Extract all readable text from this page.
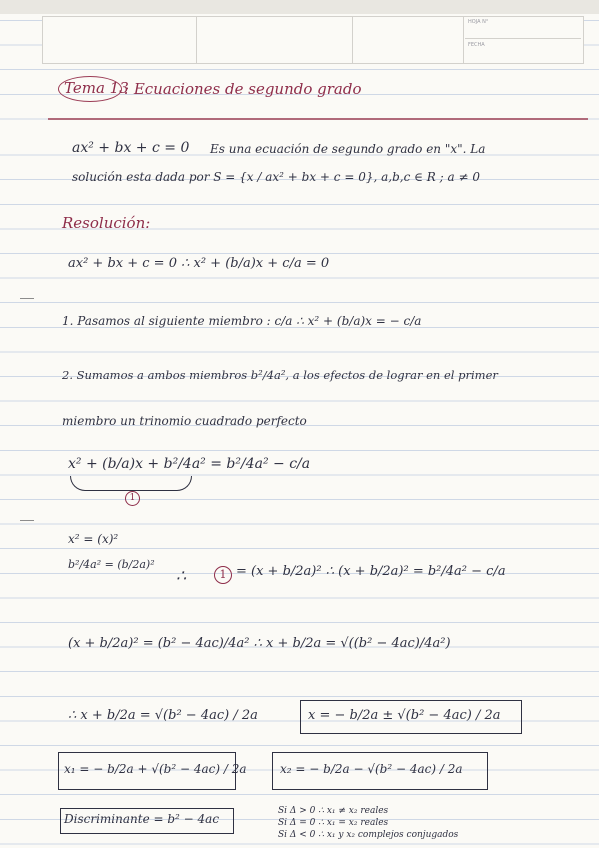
HOJA N°
FECHA
Tema 13
: Ecuaciones de segundo grado
ax² + bx + c = 0 Es una ecuación de segundo grado en "x". La
solución esta dada por S = {x / ax² + bx + c = 0}, a,b,c ∈ R ; a ≠ 0
Resolución:
ax² + bx + c = 0 ∴ x² + (b/a)x + c/a = 0
1. Pasamos al siguiente miembro : c/a ∴ x² + (b/a)x = − c/a
2. Sumamos a ambos miembros b²/4a², a los efectos de lograr en el primer
miembro un trinomio cuadrado perfecto
x² + (b/a)x + b²/4a² = b²/4a² − c/a
1
x² = (x)²
b²/4a² = (b/2a)²
∴	1 = (x + b/2a)² ∴ (x + b/2a)² = b²/4a² − c/a
(x + b/2a)² = (b² − 4ac)/4a² ∴ x + b/2a = √((b² − 4ac)/4a²)
∴ x + b/2a = √(b² − 4ac) / 2a	x = − b/2a ± √(b² − 4ac) / 2a
x₁ = − b/2a + √(b² − 4ac) / 2a	x₂ = − b/2a − √(b² − 4ac) / 2a
Discriminante = b² − 4ac
Si Δ > 0 ∴ x₁ ≠ x₂ reales
Si Δ = 0 ∴ x₁ = x₂ reales
Si Δ < 0 ∴ x₁ y x₂ complejos conjugados
